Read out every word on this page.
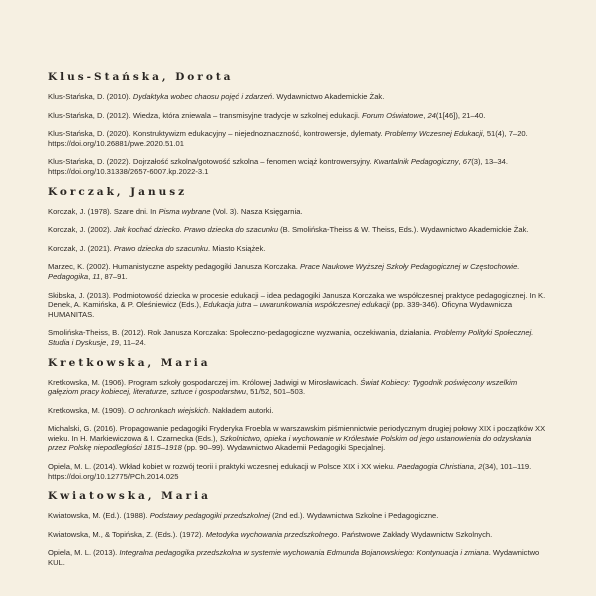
Klus-Stańska, Dorota

Klus-Stańska, D. (2010). Dydaktyka wobec chaosu pojęć i zdarzeń. Wydawnictwo Akademickie Żak.

Klus-Stańska, D. (2012). Wiedza, która zniewala – transmisyjne tradycje w szkolnej edukacji. Forum Oświatowe, 24(1[46]), 21–40.

Klus-Stańska, D. (2020). Konstruktywizm edukacyjny – niejednoznaczność, kontrowersje, dylematy. Problemy Wczesnej Edukacji, 51(4), 7–20. https://doi.org/10.26881/pwe.2020.51.01

Klus-Stańska, D. (2022). Dojrzałość szkolna/gotowość szkolna – fenomen wciąż kontrowersyjny. Kwartalnik Pedagogiczny, 67(3), 13–34. https://doi.org/10.31338/2657-6007.kp.2022-3.1

Korczak, Janusz

Korczak, J. (1978). Szare dni. In Pisma wybrane (Vol. 3). Nasza Księgarnia.

Korczak, J. (2002). Jak kochać dziecko. Prawo dziecka do szacunku (B. Smolińska-Theiss & W. Theiss, Eds.). Wydawnictwo Akademickie Żak.

Korczak, J. (2021). Prawo dziecka do szacunku. Miasto Książek.

Marzec, K. (2002). Humanistyczne aspekty pedagogiki Janusza Korczaka. Prace Naukowe Wyższej Szkoły Pedagogicznej w Częstochowie. Pedagogika, 11, 87–91.

Skibska, J. (2013). Podmiotowość dziecka w procesie edukacji – idea pedagogiki Janusza Korczaka we współczesnej praktyce pedagogicznej. In K. Denek, A. Kamińska, & P. Oleśniewicz (Eds.), Edukacja jutra – uwarunkowania współczesnej edukacji (pp. 339-346). Oficyna Wydawnicza HUMANITAS.

Smolińska-Theiss, B. (2012). Rok Janusza Korczaka: Społeczno-pedagogiczne wyzwania, oczekiwania, działania. Problemy Polityki Społecznej. Studia i Dyskusje, 19, 11–24.

Kretkowska, Maria

Kretkowska, M. (1906). Program szkoły gospodarczej im. Królowej Jadwigi w Mirosławicach. Świat Kobiecy: Tygodnik poświęcony wszelkim gałęziom pracy kobiecej, literaturze, sztuce i gospodarstwu, 51/52, 501–503.

Kretkowska, M. (1909). O ochronkach wiejskich. Nakładem autorki.

Michalski, G. (2016). Propagowanie pedagogiki Fryderyka Froebla w warszawskim piśmiennictwie periodycznym drugiej połowy XIX i początków XX wieku. In H. Markiewiczowa & I. Czarnecka (Eds.), Szkolnictwo, opieka i wychowanie w Królestwie Polskim od jego ustanowienia do odzyskania przez Polskę niepodległości 1815–1918 (pp. 90–99). Wydawnictwo Akademii Pedagogiki Specjalnej.

Opiela, M. L. (2014). Wkład kobiet w rozwój teorii i praktyki wczesnej edukacji w Polsce XIX i XX wieku. Paedagogia Christiana, 2(34), 101–119. https://doi.org/10.12775/PCh.2014.025

Kwiatowska, Maria

Kwiatowska, M. (Ed.). (1988). Podstawy pedagogiki przedszkolnej (2nd ed.). Wydawnictwa Szkolne i Pedagogiczne.

Kwiatowska, M., & Topińska, Z. (Eds.). (1972). Metodyka wychowania przedszkolnego. Państwowe Zakłady Wydawnictw Szkolnych.

Opiela, M. L. (2013). Integralna pedagogika przedszkolna w systemie wychowania Edmunda Bojanowskiego: Kontynuacja i zmiana. Wydawnictwo KUL.
